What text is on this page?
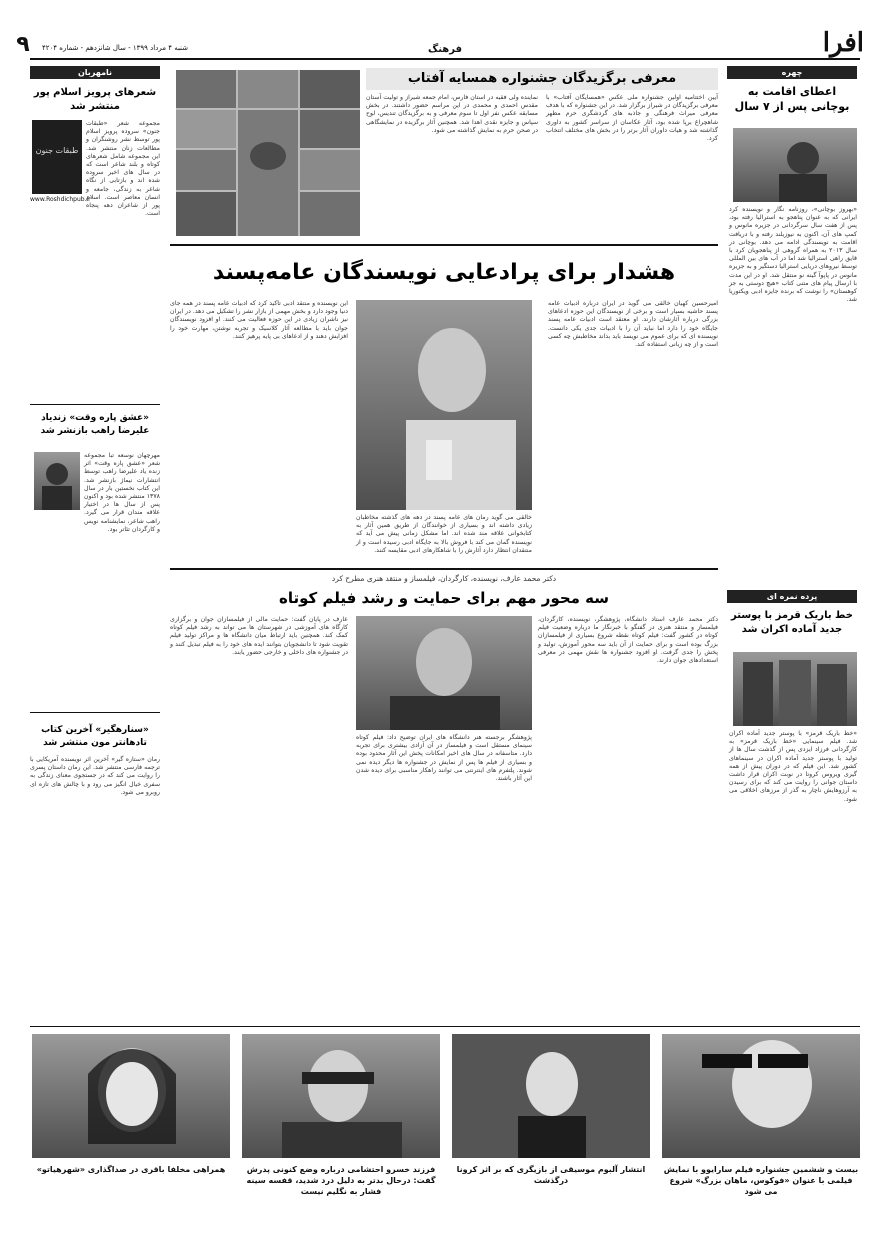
افرا
فرهنگ
۹	شنبه ۴ مرداد ۱۳۹۹ - سال شانزدهم - شماره ۴۲۰۴
چهره
اعطای اقامت به بوچانی پس از ۷ سال
«بهروز بوچانی»، روزنامه نگار و نویسنده کرد ایرانی که به عنوان پناهجو به استرالیا رفته بود، پس از هفت سال سرگردانی در جزیره مانوس و کمپ های آن، اکنون به نیوزیلند رفته و با دریافت اقامت به نویسندگی ادامه می دهد. بوچانی در سال ۲۰۱۳ به همراه گروهی از پناهجویان کرد با قایق راهی استرالیا شد اما در آب های بین المللی توسط نیروهای دریایی استرالیا دستگیر و به جزیره مانوس در پاپوآ گینه نو منتقل شد. او در این مدت با ارسال پیام های متنی کتاب «هیچ دوستی به جز کوهستان» را نوشت که برنده جایزه ادبی ویکتوریا شد.
پرده نمره ای
خط باریک قرمز با پوستر جدید آماده اکران شد
«خط باریک قرمز» با پوستر جدید آماده اکران شد. فیلم سینمایی «خط باریک قرمز» به کارگردانی فرزاد ایزدی پس از گذشت سال ها از تولید با پوستر جدید آماده اکران در سینماهای کشور شد. این فیلم که در دوران پیش از همه گیری ویروس کرونا در نوبت اکران قرار داشت داستان جوانی را روایت می کند که برای رسیدن به آرزوهایش ناچار به گذر از مرزهای اخلاقی می شود.
نامهربان
شعرهای پرویز اسلام پور منتشر شد
طبقات جنون
مجموعه شعر «طبقات جنون» سروده پرویز اسلام پور توسط نشر روشنگران و مطالعات زنان منتشر شد. این مجموعه شامل شعرهای کوتاه و بلند شاعر است که در سال های اخیر سروده شده اند و بازتابی از نگاه شاعر به زندگی، جامعه و انسان معاصر است. اسلام پور از شاعران دهه پنجاه است.
www.Roshdichpub.ir
«عشق پاره وقت» زندیاد علیرضا راهب بازنشر شد
مهرچهان نوسعه تبا مجموعه شعر «عشق پاره وقت» اثر زنده یاد علیرضا راهب توسط انتشارات نیماژ بازنشر شد. این کتاب نخستین بار در سال ۱۳۷۸ منتشر شده بود و اکنون پس از سال ها در اختیار علاقه مندان قرار می گیرد. راهب شاعر، نمایشنامه نویس و کارگردان تئاتر بود.
«سنارهگیر» آخرین کتاب تادهانتر مون منتشر شد
رمان «ستاره گیر» آخرین اثر نویسنده آمریکایی با ترجمه فارسی منتشر شد. این رمان داستان پسری را روایت می کند که در جستجوی معنای زندگی به سفری خیال انگیز می رود و با چالش های تازه ای روبرو می شود.
معرفی برگزیدگان جشنواره همسایه آفتاب
آیین اختتامیه اولین جشنواره ملی عکس «همسایگان آفتاب» با معرفی برگزیدگان در شیراز برگزار شد. در این جشنواره که با هدف معرفی میراث فرهنگی و جاذبه های گردشگری حرم مطهر شاهچراغ برپا شده بود، آثار عکاسان از سراسر کشور به داوری گذاشته شد و هیات داوران آثار برتر را در بخش های مختلف انتخاب کرد.
نماینده ولی فقیه در استان فارس، امام جمعه شیراز و تولیت آستان مقدس احمدی و محمدی در این مراسم حضور داشتند. در بخش مسابقه عکس نفر اول تا سوم معرفی و به برگزیدگان تندیس، لوح سپاس و جایزه نقدی اهدا شد. همچنین آثار برگزیده در نمایشگاهی در صحن حرم به نمایش گذاشته می شود.
هشدار برای پرادعایی نویسندگان عامه‌پسند
امیرحسین کهیان خالقی می گوید در ایران درباره ادبیات عامه پسند حاشیه بسیار است و برخی از نویسندگان این حوزه ادعاهای بزرگی درباره آثارشان دارند. او معتقد است ادبیات عامه پسند جایگاه خود را دارد اما نباید آن را با ادبیات جدی یکی دانست. نویسنده ای که برای عموم می نویسد باید بداند مخاطبش چه کسی است و از چه زبانی استفاده کند.
خالقی می گوید رمان های عامه پسند در دهه های گذشته مخاطبان زیادی داشته اند و بسیاری از خوانندگان از طریق همین آثار به کتابخوانی علاقه مند شده اند. اما مشکل زمانی پیش می آید که نویسنده گمان می کند با فروش بالا به جایگاه ادبی رسیده است و از منتقدان انتظار دارد آثارش را با شاهکارهای ادبی مقایسه کنند.
این نویسنده و منتقد ادبی تاکید کرد که ادبیات عامه پسند در همه جای دنیا وجود دارد و بخش مهمی از بازار نشر را تشکیل می دهد. در ایران نیز ناشران زیادی در این حوزه فعالیت می کنند. او افزود نویسندگان جوان باید با مطالعه آثار کلاسیک و تجربه نوشتن، مهارت خود را افزایش دهند و از ادعاهای بی پایه پرهیز کنند.
دکتر محمد عارف، نویسنده، کارگردان، فیلمساز و منتقد هنری مطرح کرد
سه محور مهم برای حمایت و رشد فیلم کوتاه
دکتر محمد عارف استاد دانشگاه، پژوهشگر، نویسنده، کارگردان، فیلمساز و منتقد هنری در گفتگو با خبرنگار ما درباره وضعیت فیلم کوتاه در کشور گفت: فیلم کوتاه نقطه شروع بسیاری از فیلمسازان بزرگ بوده است و برای حمایت از آن باید سه محور آموزش، تولید و پخش را جدی گرفت. او افزود جشنواره ها نقش مهمی در معرفی استعدادهای جوان دارند.
پژوهشگر برجسته هنر دانشگاه های ایران توضیح داد: فیلم کوتاه سینمای مستقل است و فیلمساز در آن آزادی بیشتری برای تجربه دارد. متاسفانه در سال های اخیر امکانات پخش این آثار محدود بوده و بسیاری از فیلم ها پس از نمایش در جشنواره ها دیگر دیده نمی شوند. پلتفرم های اینترنتی می توانند راهکار مناسبی برای دیده شدن این آثار باشند.
عارف در پایان گفت: حمایت مالی از فیلمسازان جوان و برگزاری کارگاه های آموزشی در شهرستان ها می تواند به رشد فیلم کوتاه کمک کند. همچنین باید ارتباط میان دانشگاه ها و مراکز تولید فیلم تقویت شود تا دانشجویان بتوانند ایده های خود را به فیلم تبدیل کنند و در جشنواره های داخلی و خارجی حضور یابند.
بیست و ششمین جشنواره فیلم سارایوو با نمایش فیلمی با عنوان «فوکوس، ماهان بزرگ» شروع می شود
انتشار آلبوم موسیقی از بازیگری که بر اثر کرونا درگذشت
فرزند خسرو احتشامی درباره وضع کنونی پدرش گفت: درحال بدتر به دلیل درد شدید، قفسه سینه فشار به نگلیم نیست
همراهی مخلفا باقری در صداگذاری «شهرهیاتو»
